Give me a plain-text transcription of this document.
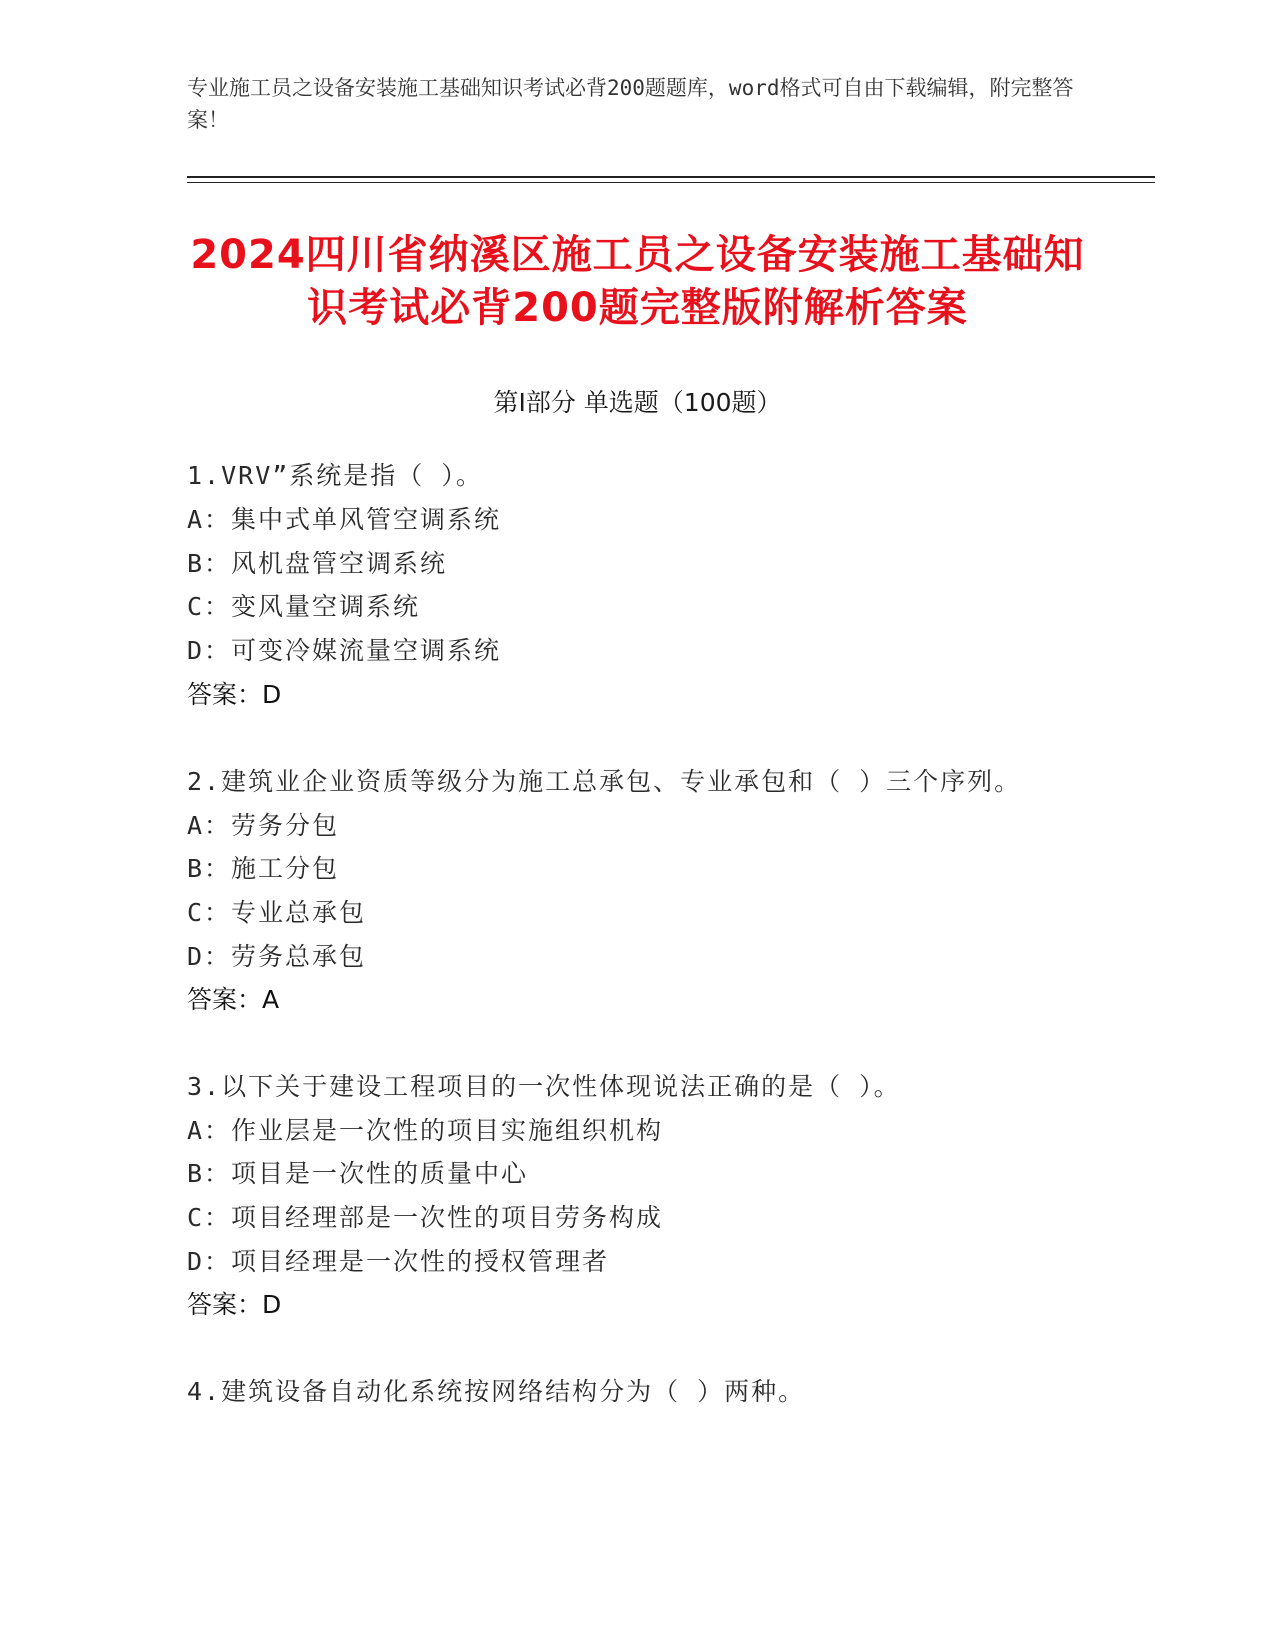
专业施工员之设备安装施工基础知识考试必背200题题库，word格式可自由下载编辑，附完整答案！
2024四川省纳溪区施工员之设备安装施工基础知识考试必背200题完整版附解析答案
第Ⅰ部分 单选题（100题）
1.VRV”系统是指（ ）。
A：集中式单风管空调系统
B：风机盘管空调系统
C：变风量空调系统
D：可变冷媒流量空调系统
答案：D
2.建筑业企业资质等级分为施工总承包、专业承包和（ ）三个序列。
A：劳务分包
B：施工分包
C：专业总承包
D：劳务总承包
答案：A
3.以下关于建设工程项目的一次性体现说法正确的是（ ）。
A：作业层是一次性的项目实施组织机构
B：项目是一次性的质量中心
C：项目经理部是一次性的项目劳务构成
D：项目经理是一次性的授权管理者
答案：D
4.建筑设备自动化系统按网络结构分为（ ）两种。
